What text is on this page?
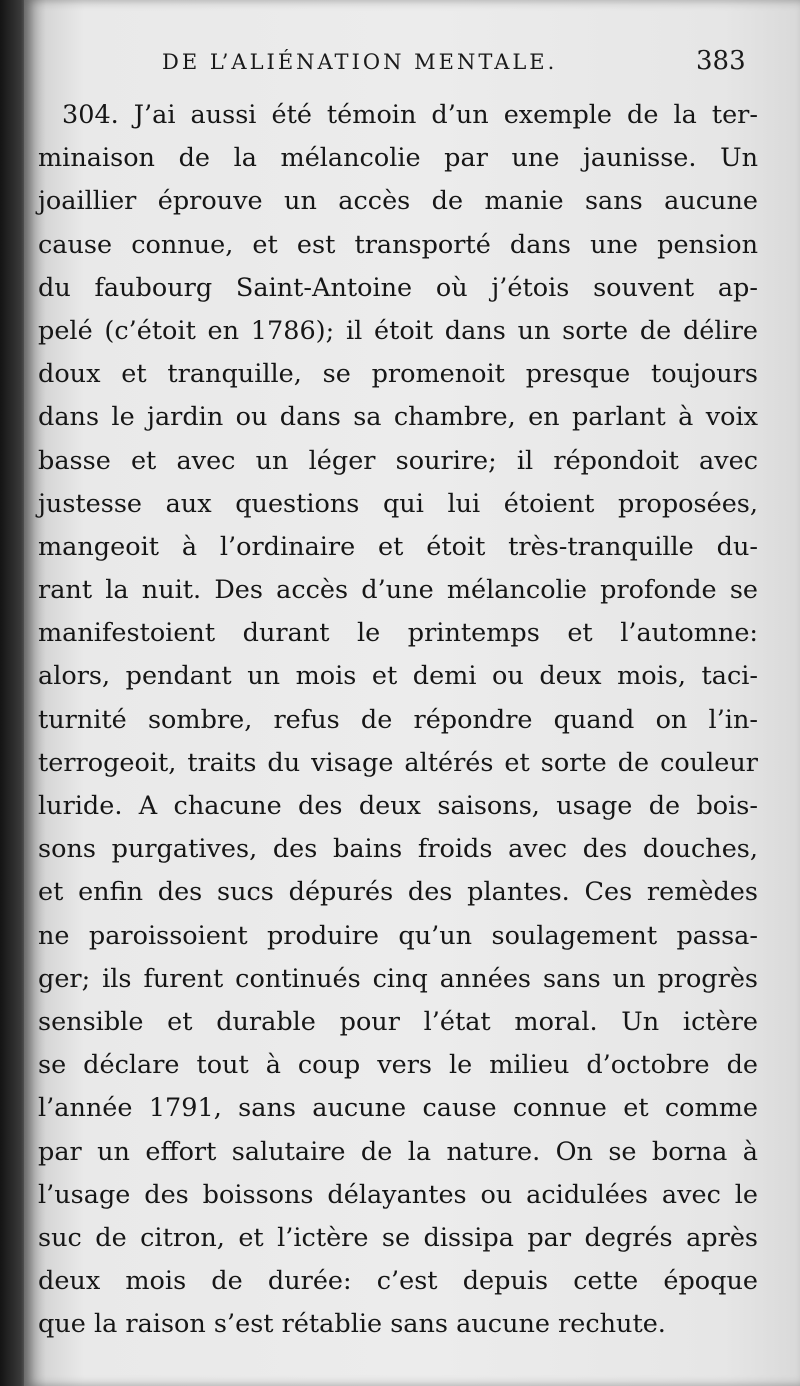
DE L’ALIÉNATION MENTALE.	383
304. J’ai aussi été témoin d’un exemple de la ter-
minaison de la mélancolie par une jaunisse. Un
joaillier éprouve un accès de manie sans aucune
cause connue, et est transporté dans une pension
du faubourg Saint-Antoine où j’étois souvent ap-
pelé (c’étoit en 1786); il étoit dans un sorte de délire
doux et tranquille, se promenoit presque toujours
dans le jardin ou dans sa chambre, en parlant à voix
basse et avec un léger sourire; il répondoit avec
justesse aux questions qui lui étoient proposées,
mangeoit à l’ordinaire et étoit très-tranquille du-
rant la nuit. Des accès d’une mélancolie profonde se
manifestoient durant le printemps et l’automne:
alors, pendant un mois et demi ou deux mois, taci-
turnité sombre, refus de répondre quand on l’in-
terrogeoit, traits du visage altérés et sorte de couleur
luride. A chacune des deux saisons, usage de bois-
sons purgatives, des bains froids avec des douches,
et enfin des sucs dépurés des plantes. Ces remèdes
ne paroissoient produire qu’un soulagement passa-
ger; ils furent continués cinq années sans un progrès
sensible et durable pour l’état moral. Un ictère
se déclare tout à coup vers le milieu d’octobre de
l’année 1791, sans aucune cause connue et comme
par un effort salutaire de la nature. On se borna à
l’usage des boissons délayantes ou acidulées avec le
suc de citron, et l’ictère se dissipa par degrés après
deux mois de durée: c’est depuis cette époque
que la raison s’est rétablie sans aucune rechute.
